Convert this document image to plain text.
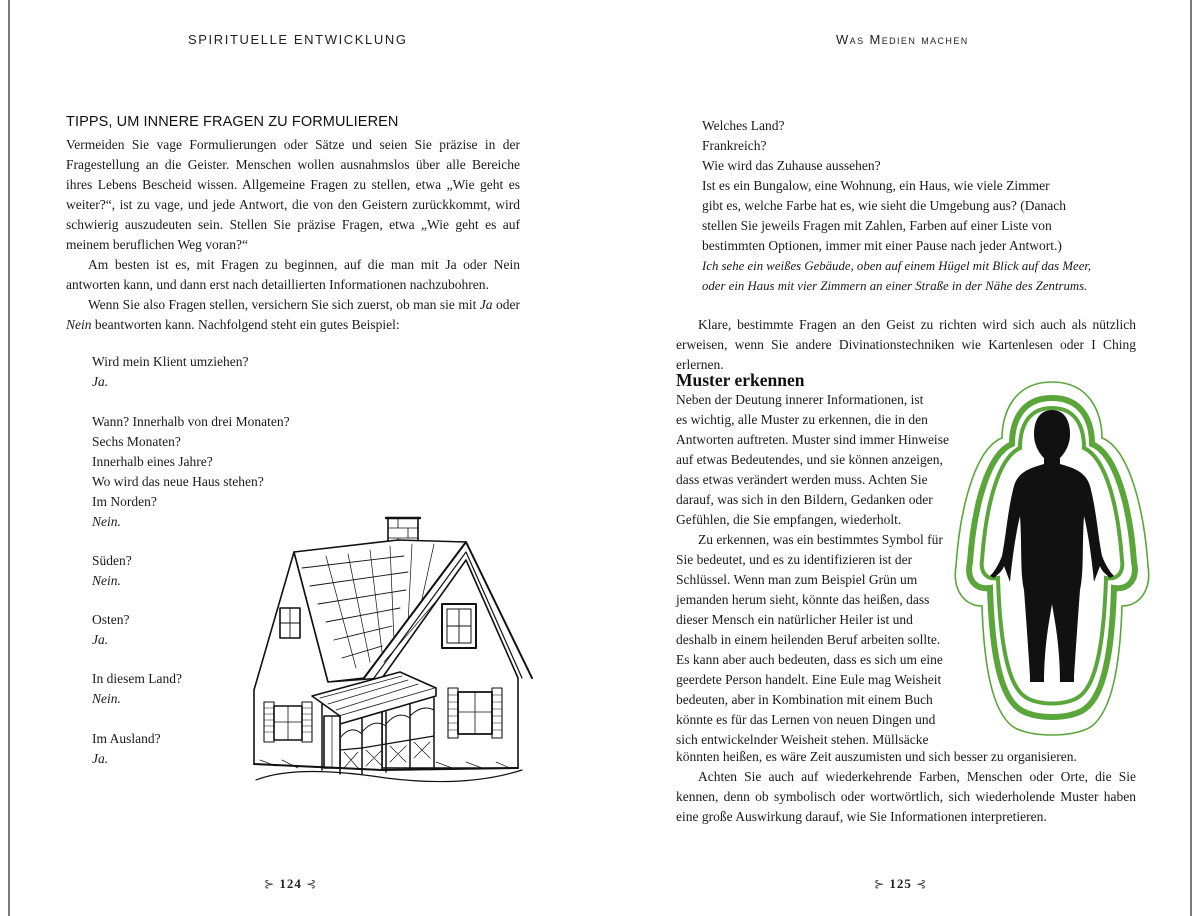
SPIRITUELLE ENTWICKLUNG
TIPPS, UM INNERE FRAGEN ZU FORMULIEREN

Vermeiden Sie vage Formulierungen oder Sätze und seien Sie präzise in der Fragestellung an die Geister. Menschen wollen ausnahmslos über alle Bereiche ihres Lebens Bescheid wissen. Allgemeine Fragen zu stellen, etwa „Wie geht es weiter?“, ist zu vage, und jede Antwort, die von den Geistern zurückkommt, wird schwierig auszudeuten sein. Stellen Sie präzise Fragen, etwa „Wie geht es auf meinem beruflichen Weg voran?“

Am besten ist es, mit Fragen zu beginnen, auf die man mit Ja oder Nein antworten kann, und dann erst nach detaillierten Informationen nachzubohren.

Wenn Sie also Fragen stellen, versichern Sie sich zuerst, ob man sie mit Ja oder Nein beantworten kann. Nachfolgend steht ein gutes Beispiel:

Wird mein Klient umziehen?
Ja.
Wann? Innerhalb von drei Monaten?
Sechs Monaten?
Innerhalb eines Jahre?
Wo wird das neue Haus stehen?
Im Norden?
Nein.
Süden?
Nein.
Osten?
Ja.
In diesem Land?
Nein.
Im Ausland?
Ja.
⊱ 124 ⊰
Was Medien machen
Welches Land?
Frankreich?
Wie wird das Zuhause aussehen?
Ist es ein Bungalow, eine Wohnung, ein Haus, wie viele Zimmer
gibt es, welche Farbe hat es, wie sieht die Umgebung aus? (Danach
stellen Sie jeweils Fragen mit Zahlen, Farben auf einer Liste von
bestimmten Optionen, immer mit einer Pause nach jeder Antwort.)
Ich sehe ein weißes Gebäude, oben auf einem Hügel mit Blick auf das Meer,
oder ein Haus mit vier Zimmern an einer Straße in der Nähe des Zentrums.

Klare, bestimmte Fragen an den Geist zu richten wird sich auch als nützlich erweisen, wenn Sie andere Divinationstechniken wie Kartenlesen oder I Ching erlernen.

Muster erkennen
Neben der Deutung innerer Informationen, ist
es wichtig, alle Muster zu erkennen, die in den
Antworten auftreten. Muster sind immer Hinweise
auf etwas Bedeutendes, und sie können anzeigen,
dass etwas verändert werden muss. Achten Sie
darauf, was sich in den Bildern, Gedanken oder
Gefühlen, die Sie empfangen, wiederholt.
Zu erkennen, was ein bestimmtes Symbol für
Sie bedeutet, und es zu identifizieren ist der
Schlüssel. Wenn man zum Beispiel Grün um
jemanden herum sieht, könnte das heißen, dass
dieser Mensch ein natürlicher Heiler ist und
deshalb in einem heilenden Beruf arbeiten sollte.
Es kann aber auch bedeuten, dass es sich um eine
geerdete Person handelt. Eine Eule mag Weisheit
bedeuten, aber in Kombination mit einem Buch
könnte es für das Lernen von neuen Dingen und
sich entwickelnder Weisheit stehen. Müllsäcke
könnten heißen, es wäre Zeit auszumisten und sich besser zu organisieren.

Achten Sie auch auf wiederkehrende Farben, Menschen oder Orte, die Sie kennen, denn ob symbolisch oder wortwörtlich, sich wiederholende Muster haben eine große Auswirkung darauf, wie Sie Informationen interpretieren.

⊱ 125 ⊰
